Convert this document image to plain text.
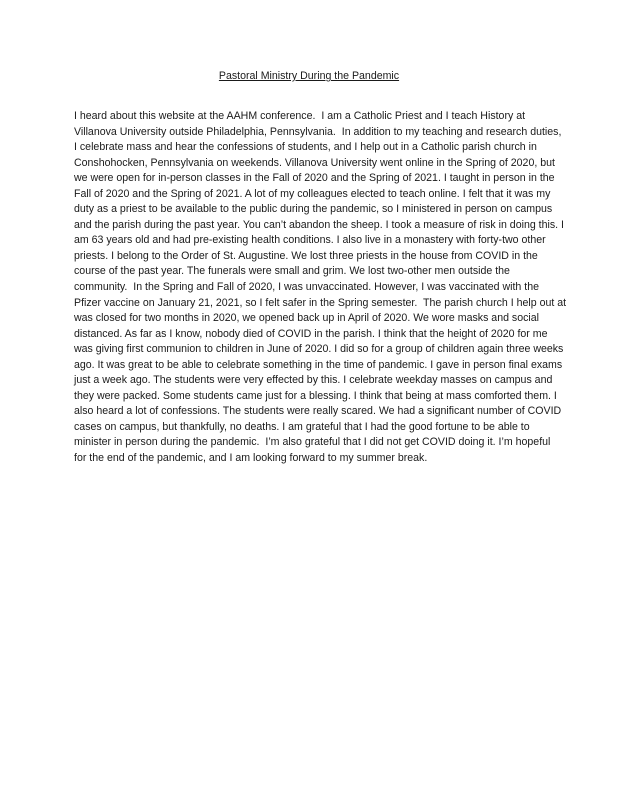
Pastoral Ministry During the Pandemic
I heard about this website at the AAHM conference.  I am a Catholic Priest and I teach History at
Villanova University outside Philadelphia, Pennsylvania.  In addition to my teaching and research duties,
I celebrate mass and hear the confessions of students, and I help out in a Catholic parish church in
Conshohocken, Pennsylvania on weekends. Villanova University went online in the Spring of 2020, but
we were open for in-person classes in the Fall of 2020 and the Spring of 2021. I taught in person in the
Fall of 2020 and the Spring of 2021. A lot of my colleagues elected to teach online. I felt that it was my
duty as a priest to be available to the public during the pandemic, so I ministered in person on campus
and the parish during the past year. You can’t abandon the sheep. I took a measure of risk in doing this. I
am 63 years old and had pre-existing health conditions. I also live in a monastery with forty-two other
priests. I belong to the Order of St. Augustine. We lost three priests in the house from COVID in the
course of the past year. The funerals were small and grim. We lost two-other men outside the
community.  In the Spring and Fall of 2020, I was unvaccinated. However, I was vaccinated with the
Pfizer vaccine on January 21, 2021, so I felt safer in the Spring semester.  The parish church I help out at
was closed for two months in 2020, we opened back up in April of 2020. We wore masks and social
distanced. As far as I know, nobody died of COVID in the parish. I think that the height of 2020 for me
was giving first communion to children in June of 2020. I did so for a group of children again three weeks
ago. It was great to be able to celebrate something in the time of pandemic. I gave in person final exams
just a week ago. The students were very effected by this. I celebrate weekday masses on campus and
they were packed. Some students came just for a blessing. I think that being at mass comforted them. I
also heard a lot of confessions. The students were really scared. We had a significant number of COVID
cases on campus, but thankfully, no deaths. I am grateful that I had the good fortune to be able to
minister in person during the pandemic.  I’m also grateful that I did not get COVID doing it. I’m hopeful
for the end of the pandemic, and I am looking forward to my summer break.
